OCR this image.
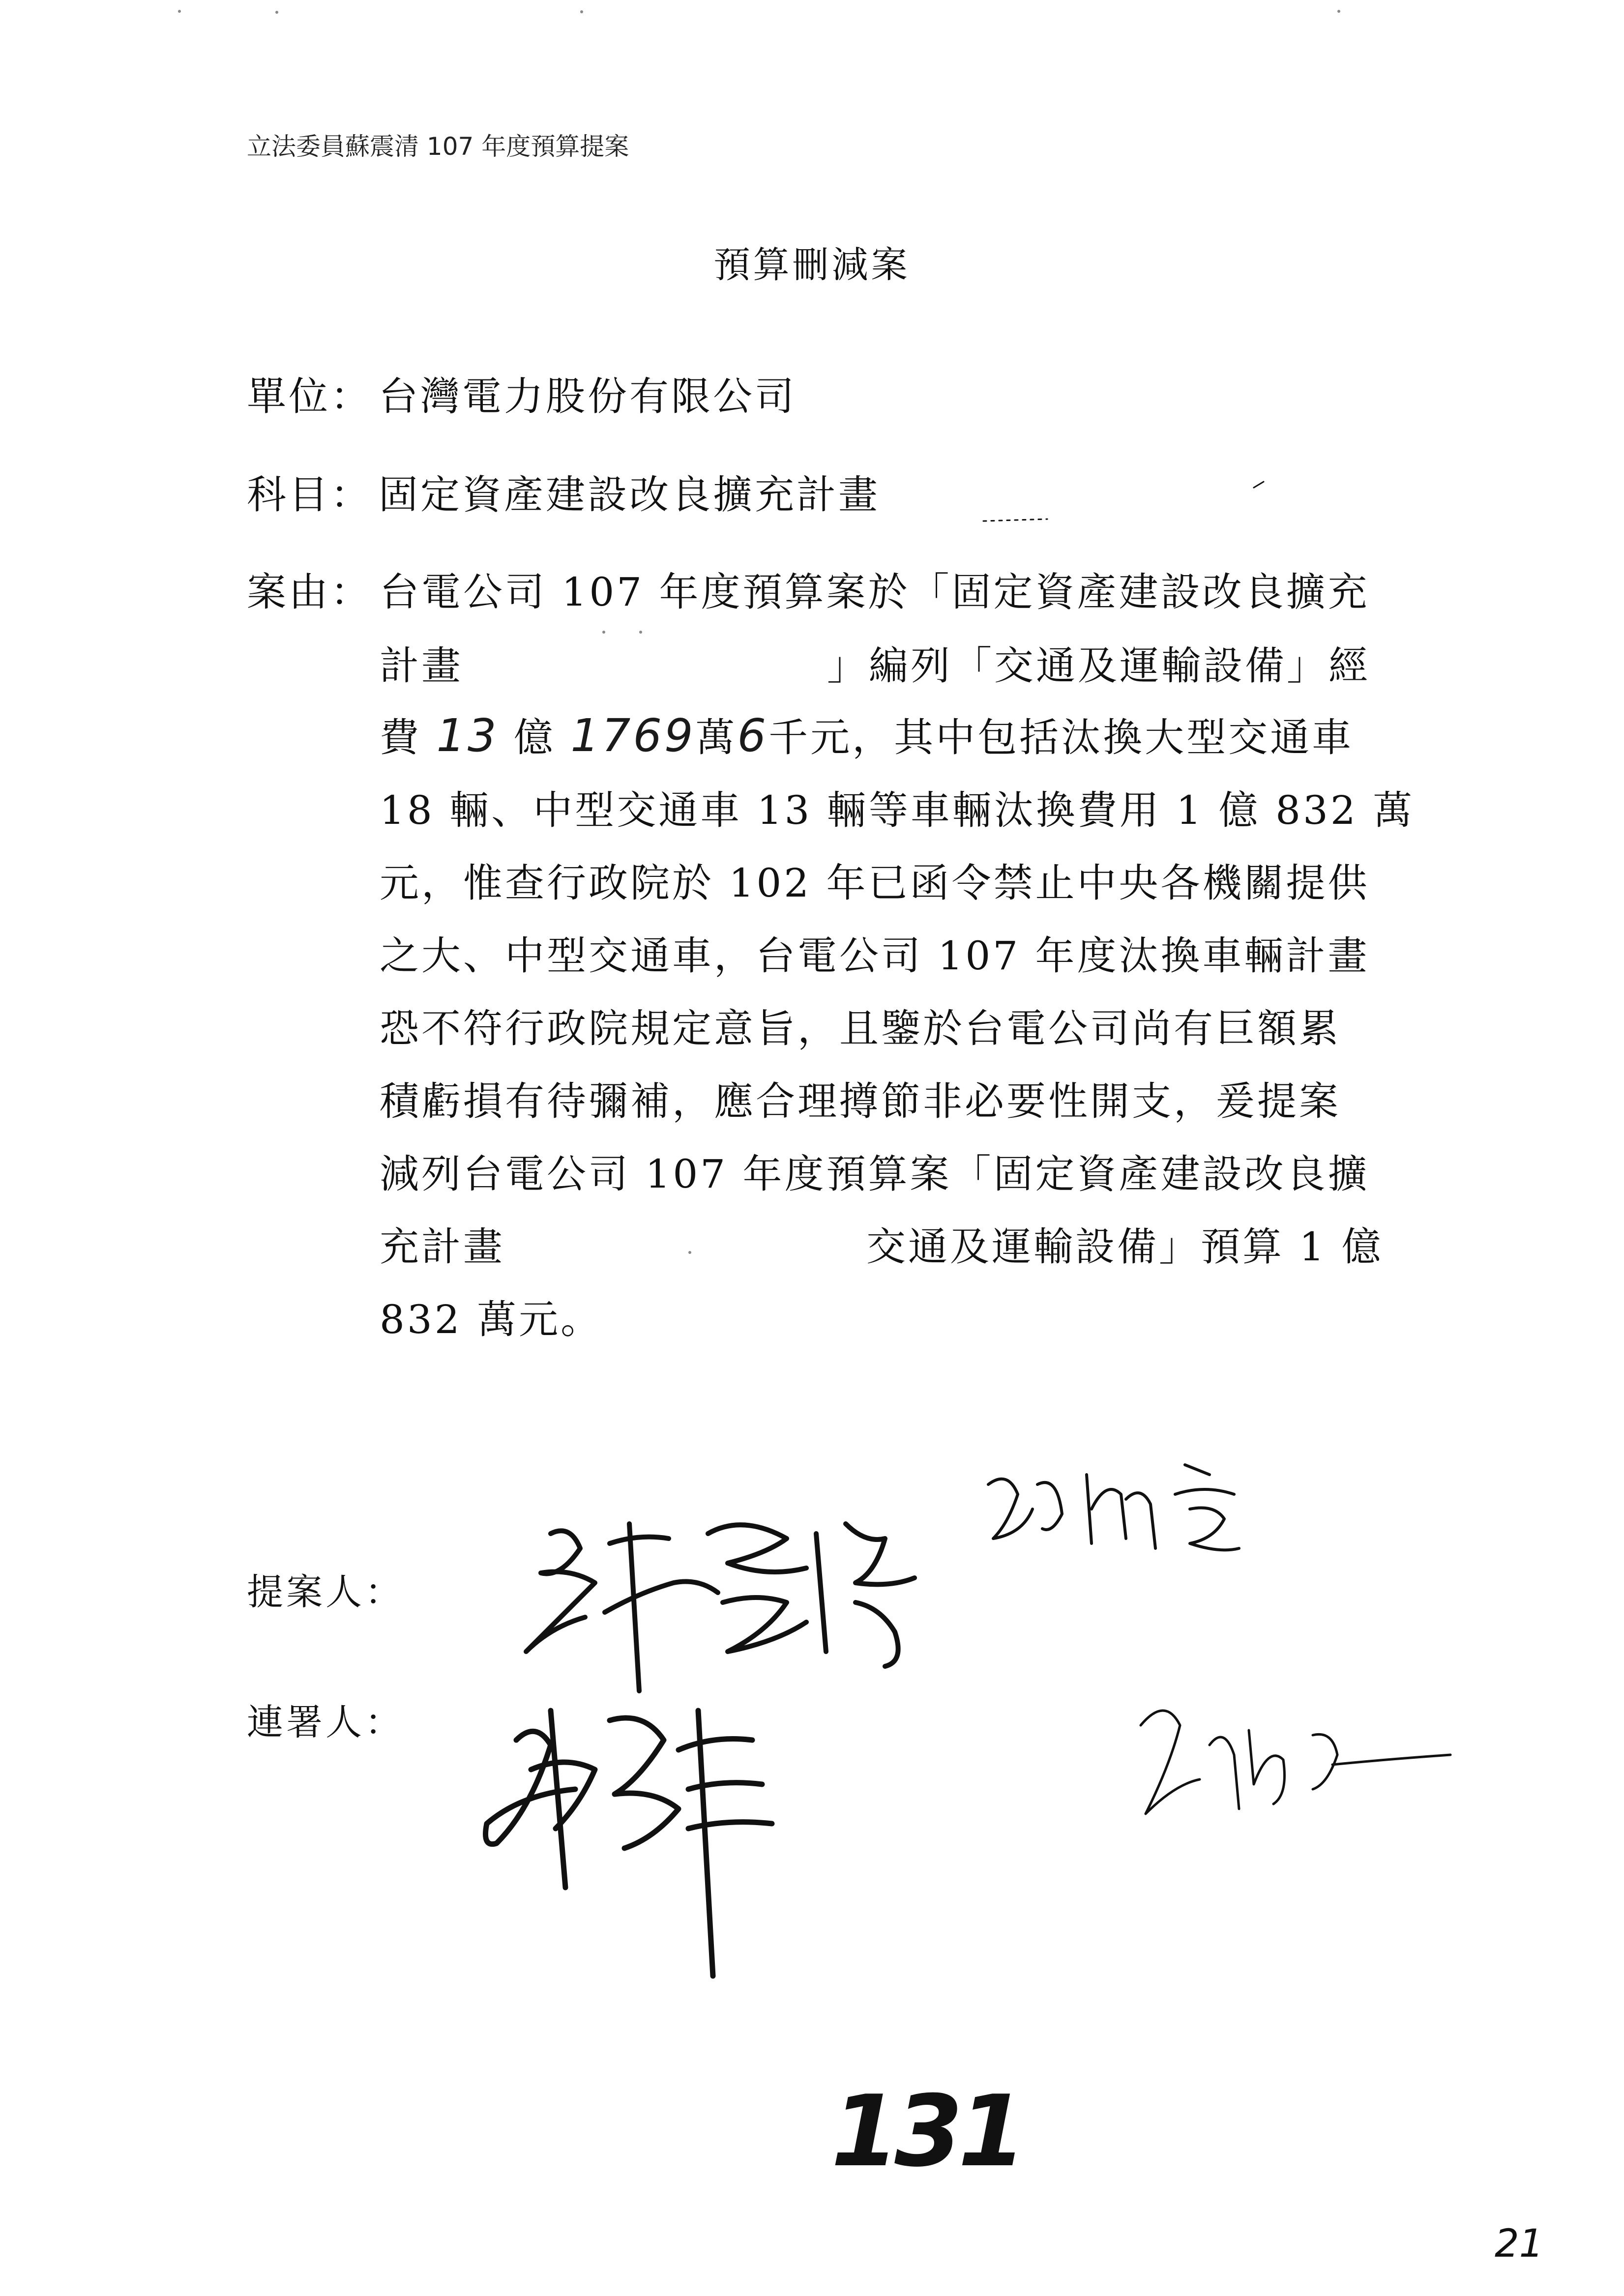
立法委員蘇震清 107 年度預算提案
預算刪減案
單位： 台灣電力股份有限公司
科目： 固定資產建設改良擴充計畫
案由： 台電公司 107 年度預算案於「固定資產建設改良擴充
計畫	」編列「交通及運輸設備」經
費 13 億 1769萬6千元，其中包括汰換大型交通車
18 輛、中型交通車 13 輛等車輛汰換費用 1 億 832 萬
元，惟查行政院於 102 年已函令禁止中央各機關提供
之大、中型交通車，台電公司 107 年度汰換車輛計畫
恐不符行政院規定意旨，且鑒於台電公司尚有巨額累
積虧損有待彌補，應合理撙節非必要性開支，爰提案
減列台電公司 107 年度預算案「固定資產建設改良擴
充計畫	交通及運輸設備」預算 1 億
832 萬元。
提案人：
連署人：
131
21
